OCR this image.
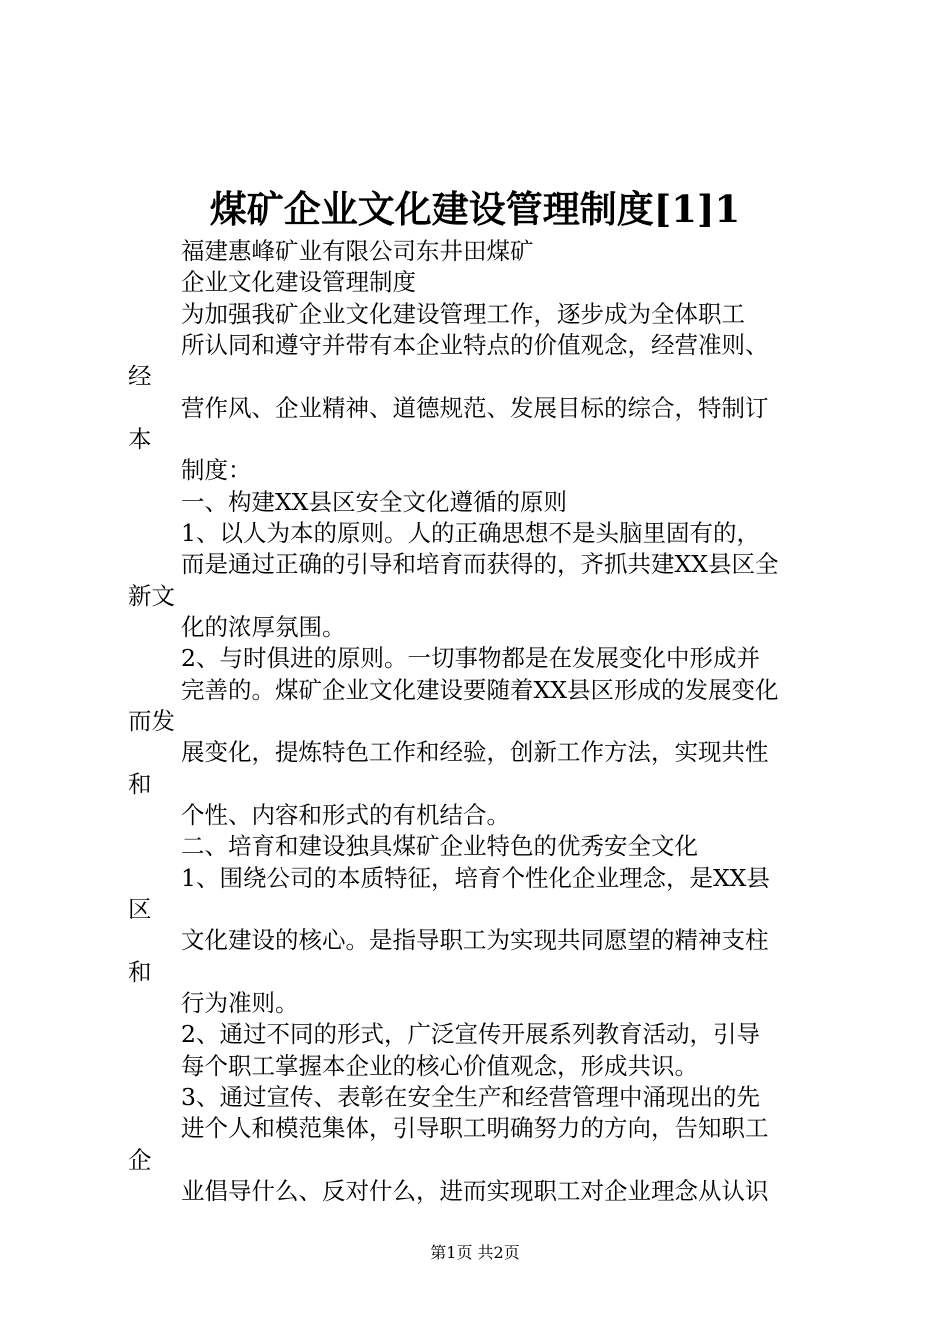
煤矿企业文化建设管理制度[1]1
福建惠峰矿业有限公司东井田煤矿
企业文化建设管理制度
为加强我矿企业文化建设管理工作，逐步成为全体职工
所认同和遵守并带有本企业特点的价值观念，经营准则、
经
营作风、企业精神、道德规范、发展目标的综合，特制订
本
制度：
一、构建XX县区安全文化遵循的原则
1、以人为本的原则。人的正确思想不是头脑里固有的，
而是通过正确的引导和培育而获得的，齐抓共建XX县区全
新文
化的浓厚氛围。
2、与时俱进的原则。一切事物都是在发展变化中形成并
完善的。煤矿企业文化建设要随着XX县区形成的发展变化
而发
展变化，提炼特色工作和经验，创新工作方法，实现共性
和
个性、内容和形式的有机结合。
二、培育和建设独具煤矿企业特色的优秀安全文化
1、围绕公司的本质特征，培育个性化企业理念，是XX县
区
文化建设的核心。是指导职工为实现共同愿望的精神支柱
和
行为准则。
2、通过不同的形式，广泛宣传开展系列教育活动，引导
每个职工掌握本企业的核心价值观念，形成共识。
3、通过宣传、表彰在安全生产和经营管理中涌现出的先
进个人和模范集体，引导职工明确努力的方向，告知职工
企
业倡导什么、反对什么，进而实现职工对企业理念从认识
第1页 共2页
